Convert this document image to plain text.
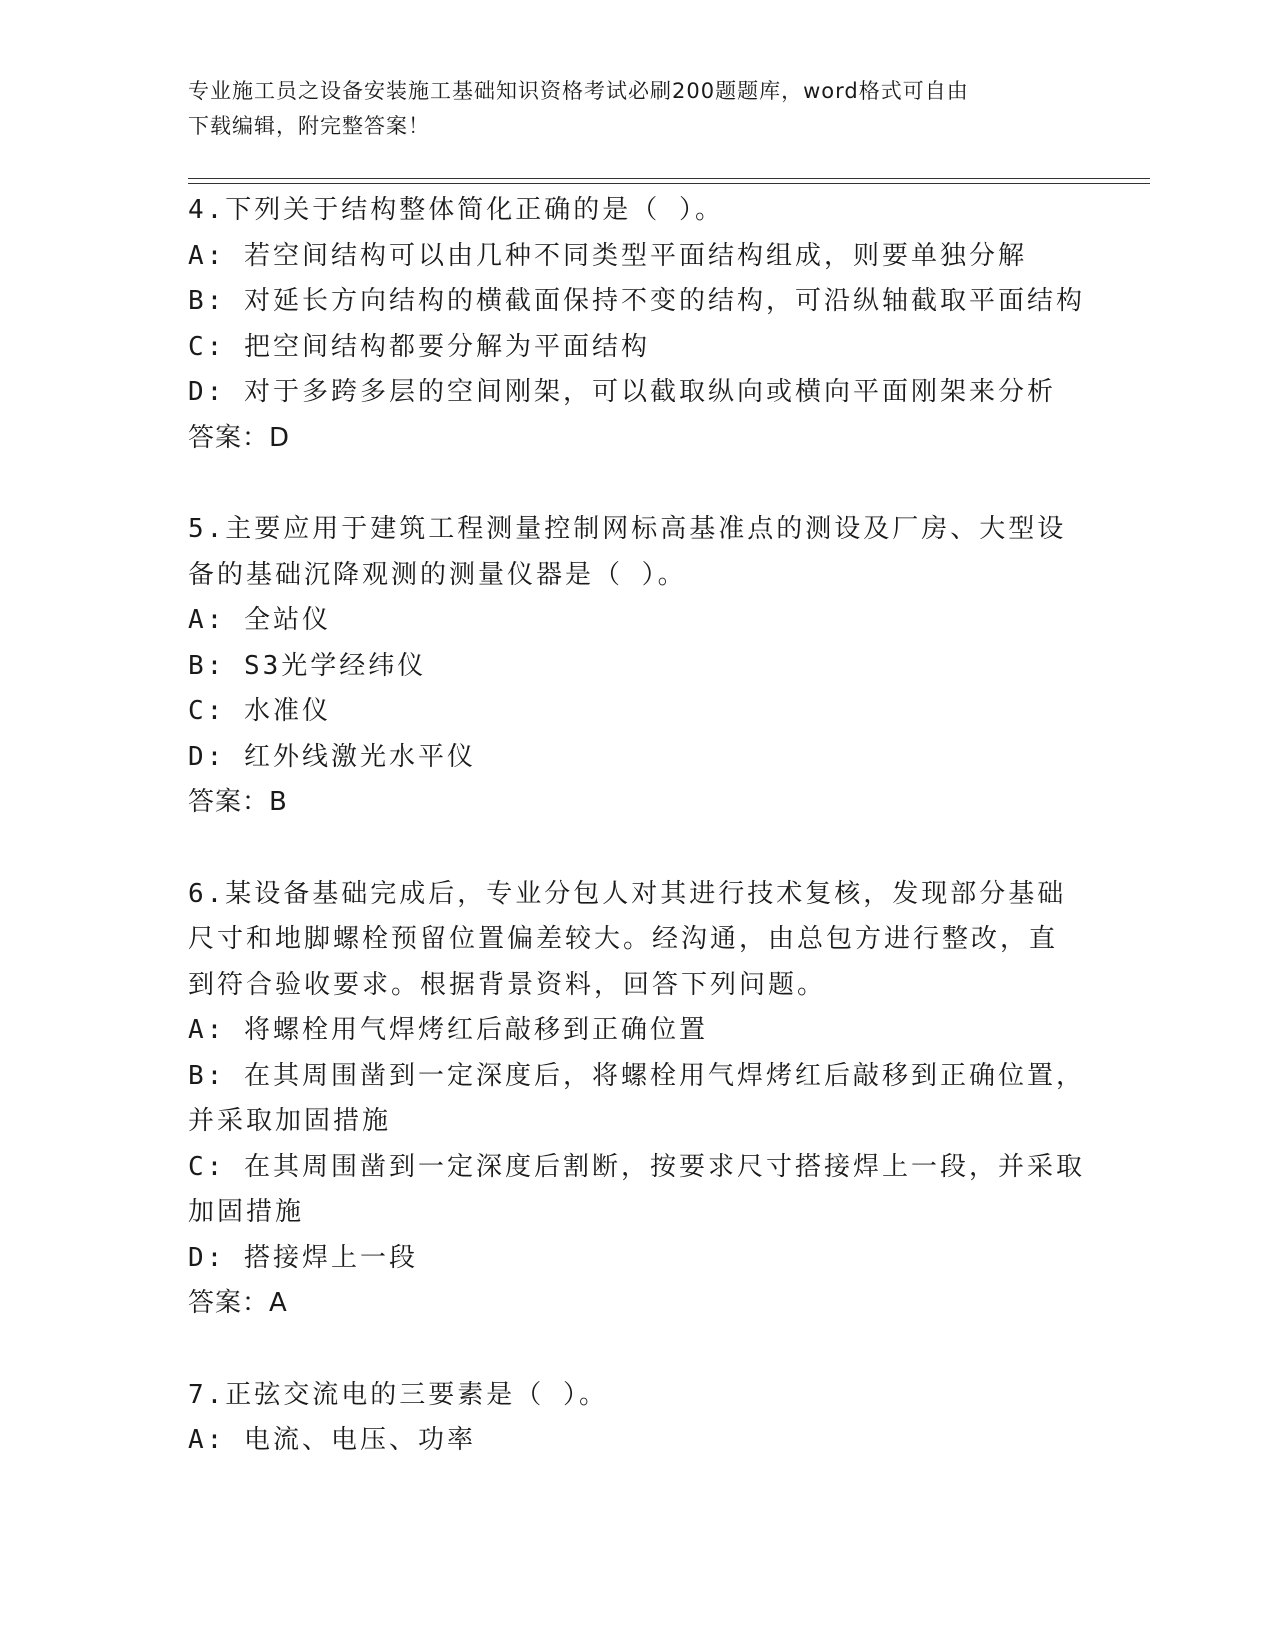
专业施工员之设备安装施工基础知识资格考试必刷200题题库，word格式可自由
下载编辑，附完整答案！

4.下列关于结构整体简化正确的是（ ）。

A: 若空间结构可以由几种不同类型平面结构组成，则要单独分解

B: 对延长方向结构的横截面保持不变的结构，可沿纵轴截取平面结构

C: 把空间结构都要分解为平面结构

D: 对于多跨多层的空间刚架，可以截取纵向或横向平面刚架来分析

答案：D

5.主要应用于建筑工程测量控制网标高基准点的测设及厂房、大型设

备的基础沉降观测的测量仪器是（ ）。

A: 全站仪

B: S3光学经纬仪

C: 水准仪

D: 红外线激光水平仪

答案：B

6.某设备基础完成后，专业分包人对其进行技术复核，发现部分基础

尺寸和地脚螺栓预留位置偏差较大。经沟通，由总包方进行整改，直

到符合验收要求。根据背景资料，回答下列问题。

A: 将螺栓用气焊烤红后敲移到正确位置

B: 在其周围凿到一定深度后，将螺栓用气焊烤红后敲移到正确位置，

并采取加固措施

C: 在其周围凿到一定深度后割断，按要求尺寸搭接焊上一段，并采取

加固措施

D: 搭接焊上一段

答案：A

7.正弦交流电的三要素是（ ）。

A: 电流、电压、功率
